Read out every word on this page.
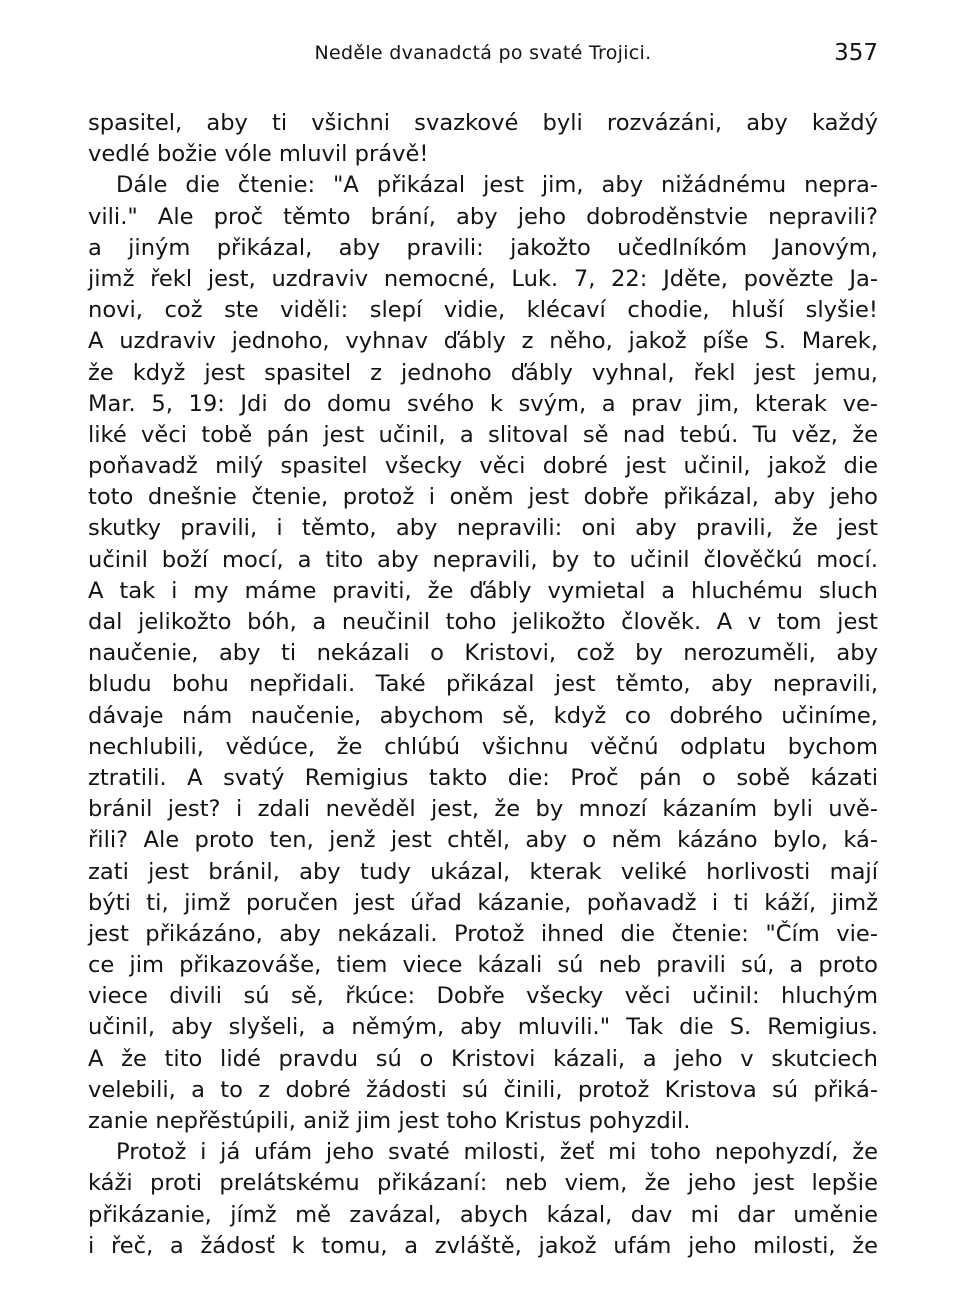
Neděle dvanadctá po svaté Trojici.	357
spasitel, aby ti všichni svazkové byli rozvázáni, aby každý
vedlé božie vóle mluvil právě!
Dále die čtenie: "A přikázal jest jim, aby nižádnému nepra-
vili." Ale proč těmto brání, aby jeho dobroděnstvie nepravili?
a jiným přikázal, aby pravili: jakožto učedlníkóm Janovým,
jimž řekl jest, uzdraviv nemocné, Luk. 7, 22: Jděte, povězte Ja-
novi, což ste viděli: slepí vidie, klécaví chodie, hluší slyšie!
A uzdraviv jednoho, vyhnav ďábly z něho, jakož píše S. Marek,
že když jest spasitel z jednoho ďábly vyhnal, řekl jest jemu,
Mar. 5, 19: Jdi do domu svého k svým, a prav jim, kterak ve-
liké věci tobě pán jest učinil, a slitoval sě nad tebú. Tu věz, že
poňavadž milý spasitel všecky věci dobré jest učinil, jakož die
toto dnešnie čtenie, protož i oněm jest dobře přikázal, aby jeho
skutky pravili, i těmto, aby nepravili: oni aby pravili, že jest
učinil boží mocí, a tito aby nepravili, by to učinil člověčkú mocí.
A tak i my máme praviti, že ďábly vymietal a hluchému sluch
dal jelikožto bóh, a neučinil toho jelikožto člověk. A v tom jest
naučenie, aby ti nekázali o Kristovi, což by nerozuměli, aby
bludu bohu nepřidali. Také přikázal jest těmto, aby nepravili,
dávaje nám naučenie, abychom sě, když co dobrého učiníme,
nechlubili, vědúce, že chlúbú všichnu věčnú odplatu bychom
ztratili. A svatý Remigius takto die: Proč pán o sobě kázati
bránil jest? i zdali nevěděl jest, že by mnozí kázaním byli uvě-
řili? Ale proto ten, jenž jest chtěl, aby o něm kázáno bylo, ká-
zati jest bránil, aby tudy ukázal, kterak veliké horlivosti mají
býti ti, jimž poručen jest úřad kázanie, poňavadž i ti káží, jimž
jest přikázáno, aby nekázali. Protož ihned die čtenie: "Čím vie-
ce jim přikazováše, tiem viece kázali sú neb pravili sú, a proto
viece divili sú sě, řkúce: Dobře všecky věci učinil: hluchým
učinil, aby slyšeli, a němým, aby mluvili." Tak die S. Remigius.
A že tito lidé pravdu sú o Kristovi kázali, a jeho v skutciech
velebili, a to z dobré žádosti sú činili, protož Kristova sú přiká-
zanie nepřěstúpili, aniž jim jest toho Kristus pohyzdil.
Protož i já ufám jeho svaté milosti, žeť mi toho nepohyzdí, že
káži proti prelátskému přikázaní: neb viem, že jeho jest lepšie
přikázanie, jímž mě zavázal, abych kázal, dav mi dar uměnie
i řeč, a žádosť k tomu, a zvláště, jakož ufám jeho milosti, že
